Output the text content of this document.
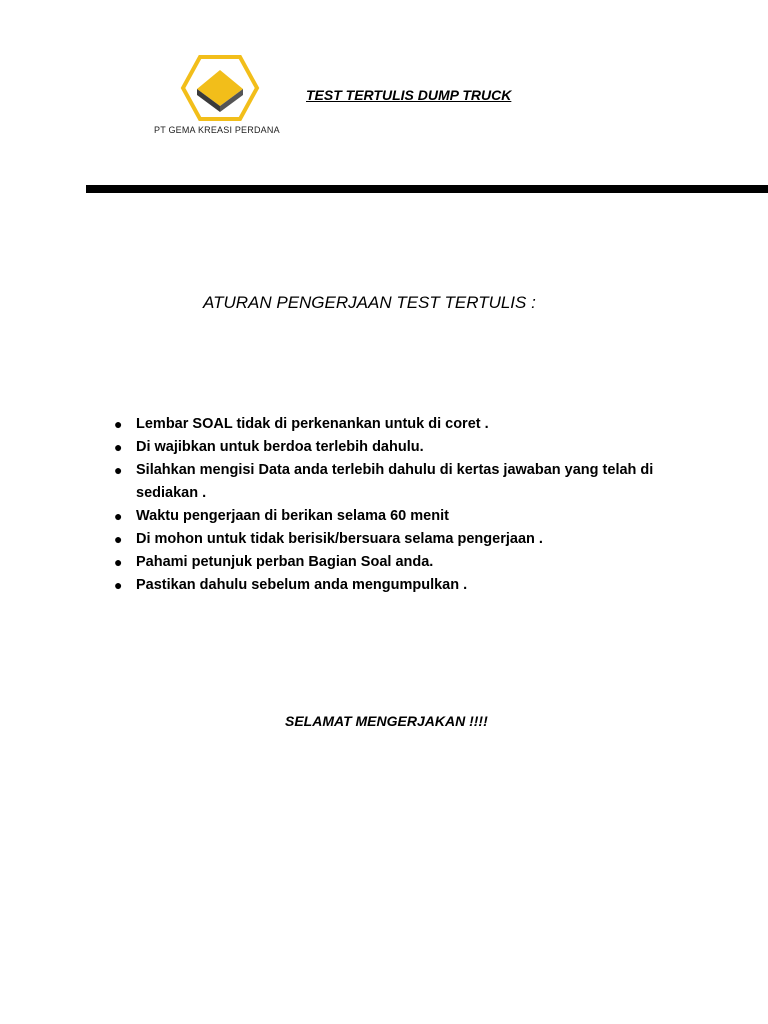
PT GEMA KREASI PERDANA
TEST TERTULIS DUMP TRUCK
ATURAN PENGERJAAN TEST TERTULIS :
● Lembar SOAL tidak di perkenankan untuk di coret .
● Di wajibkan untuk berdoa terlebih dahulu.
● Silahkan mengisi Data anda terlebih dahulu di kertas jawaban yang telah di sediakan .
● Waktu pengerjaan di berikan selama 60 menit
● Di mohon untuk tidak berisik/bersuara selama pengerjaan .
● Pahami petunjuk perban Bagian Soal anda.
● Pastikan dahulu sebelum anda mengumpulkan .
SELAMAT MENGERJAKAN !!!!
